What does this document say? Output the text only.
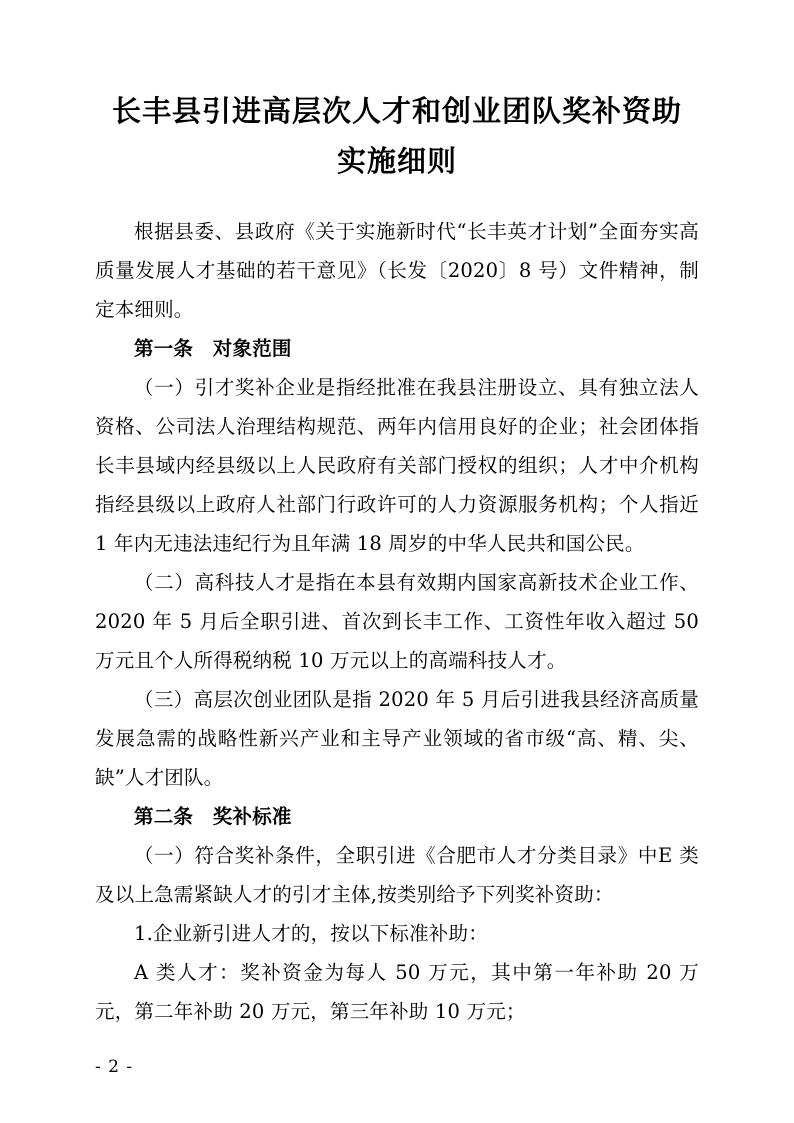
长丰县引进高层次人才和创业团队奖补资助
实施细则

根据县委、县政府《关于实施新时代“长丰英才计划”全面夯实高质量发展人才基础的若干意见》（长发〔2020〕8 号）文件精神，制定本细则。

第一条　对象范围

（一）引才奖补企业是指经批准在我县注册设立、具有独立法人资格、公司法人治理结构规范、两年内信用良好的企业；社会团体指长丰县域内经县级以上人民政府有关部门授权的组织；人才中介机构指经县级以上政府人社部门行政许可的人力资源服务机构；个人指近 1 年内无违法违纪行为且年满 18 周岁的中华人民共和国公民。

（二）高科技人才是指在本县有效期内国家高新技术企业工作、2020 年 5 月后全职引进、首次到长丰工作、工资性年收入超过 50 万元且个人所得税纳税 10 万元以上的高端科技人才。

（三）高层次创业团队是指 2020 年 5 月后引进我县经济高质量发展急需的战略性新兴产业和主导产业领域的省市级“高、精、尖、缺”人才团队。

第二条　奖补标准

（一）符合奖补条件，全职引进《合肥市人才分类目录》中E 类及以上急需紧缺人才的引才主体,按类别给予下列奖补资助：

1.企业新引进人才的，按以下标准补助：

A 类人才：奖补资金为每人 50 万元，其中第一年补助 20 万元，第二年补助 20 万元，第三年补助 10 万元；

- 2 -
